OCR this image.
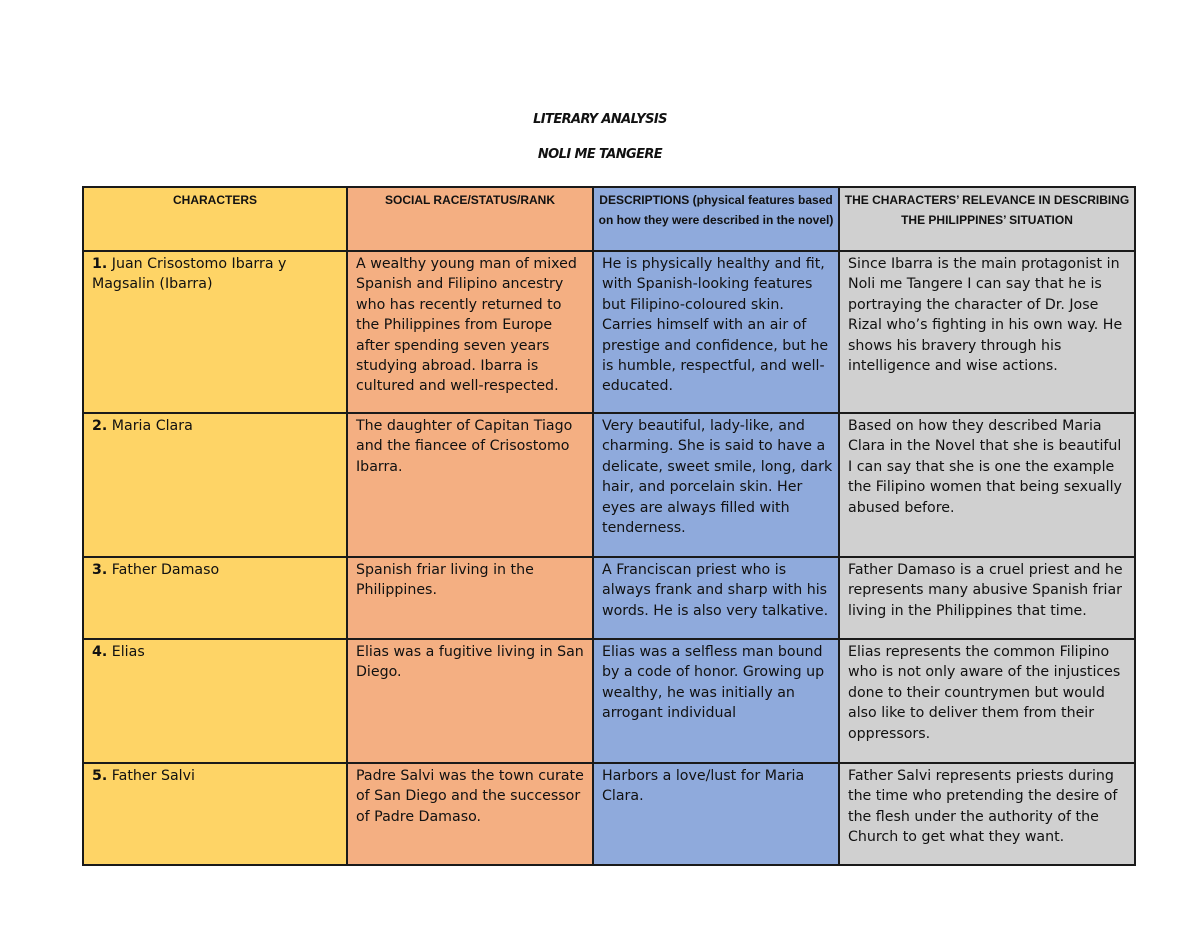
LITERARY ANALYSIS
NOLI ME TANGERE
CHARACTERS	SOCIAL RACE/STATUS/RANK	DESCRIPTIONS (physical features based on how they were described in the novel)	THE CHARACTERS’ RELEVANCE IN DESCRIBING THE PHILIPPINES’ SITUATION
1. Juan Crisostomo Ibarra y Magsalin (Ibarra)	A wealthy young man of mixed Spanish and Filipino ancestry who has recently returned to the Philippines from Europe after spending seven years studying abroad. Ibarra is cultured and well-respected.	He is physically healthy and fit, with Spanish-looking features but Filipino-coloured skin. Carries himself with an air of prestige and confidence, but he is humble, respectful, and well-educated.	Since Ibarra is the main protagonist in Noli me Tangere I can say that he is portraying the character of Dr. Jose Rizal who’s fighting in his own way. He shows his bravery through his intelligence and wise actions.
2. Maria Clara	The daughter of Capitan Tiago and the fiancee of Crisostomo Ibarra.	Very beautiful, lady-like, and charming. She is said to have a delicate, sweet smile, long, dark hair, and porcelain skin. Her eyes are always filled with tenderness.	Based on how they described Maria Clara in the Novel that she is beautiful I can say that she is one the example the Filipino women that being sexually abused before.
3. Father Damaso	Spanish friar living in the Philippines.	A Franciscan priest who is always frank and sharp with his words. He is also very talkative.	Father Damaso is a cruel priest and he represents many abusive Spanish friar living in the Philippines that time.
4. Elias	Elias was a fugitive living in San Diego.	Elias was a selfless man bound by a code of honor. Growing up wealthy, he was initially an arrogant individual	Elias represents the common Filipino who is not only aware of the injustices done to their countrymen but would also like to deliver them from their oppressors.
5. Father Salvi	Padre Salvi was the town curate of San Diego and the successor of Padre Damaso.	Harbors a love/lust for Maria Clara.	Father Salvi represents priests during the time who pretending the desire of the flesh under the authority of the Church to get what they want.
